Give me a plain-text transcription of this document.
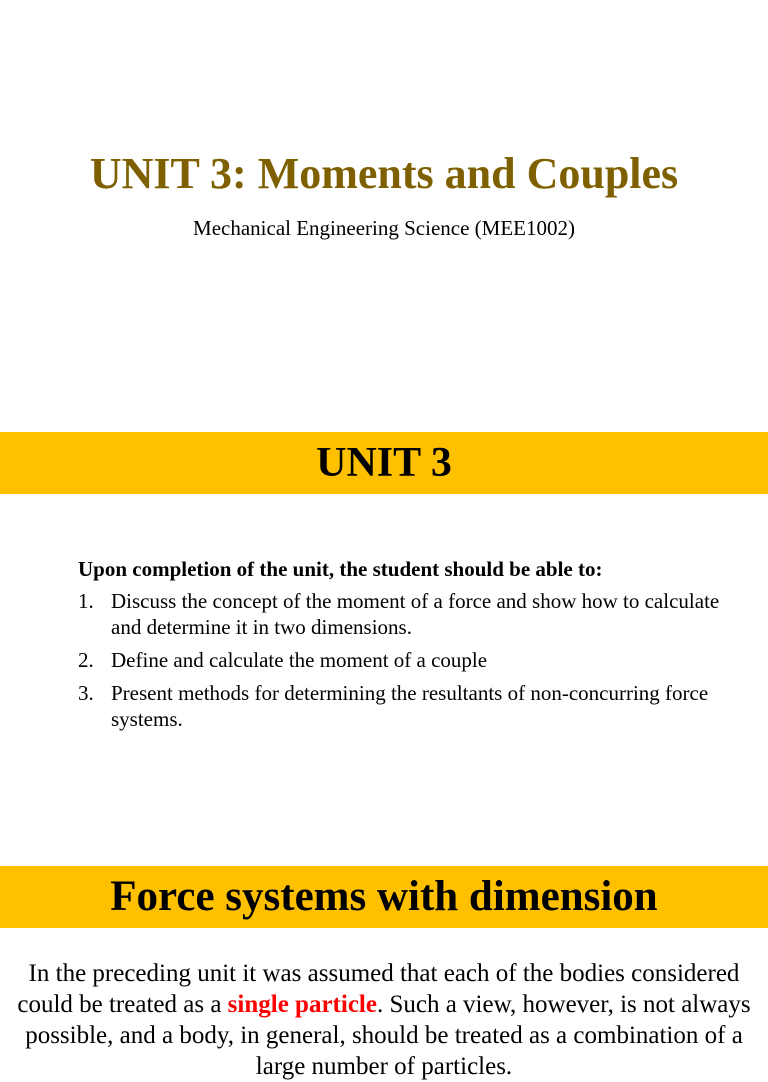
UNIT 3: Moments and Couples
Mechanical Engineering Science (MEE1002)
UNIT 3
Upon completion of the unit, the student should be able to:
1. Discuss the concept of the moment of a force and show how to calculate and determine it in two dimensions.
2. Define and calculate the moment of a couple
3. Present methods for determining the resultants of non-concurring force systems.
Force systems with dimension

In the preceding unit it was assumed that each of the bodies considered could be treated as a single particle. Such a view, however, is not always possible, and a body, in general, should be treated as a combination of a large number of particles.
